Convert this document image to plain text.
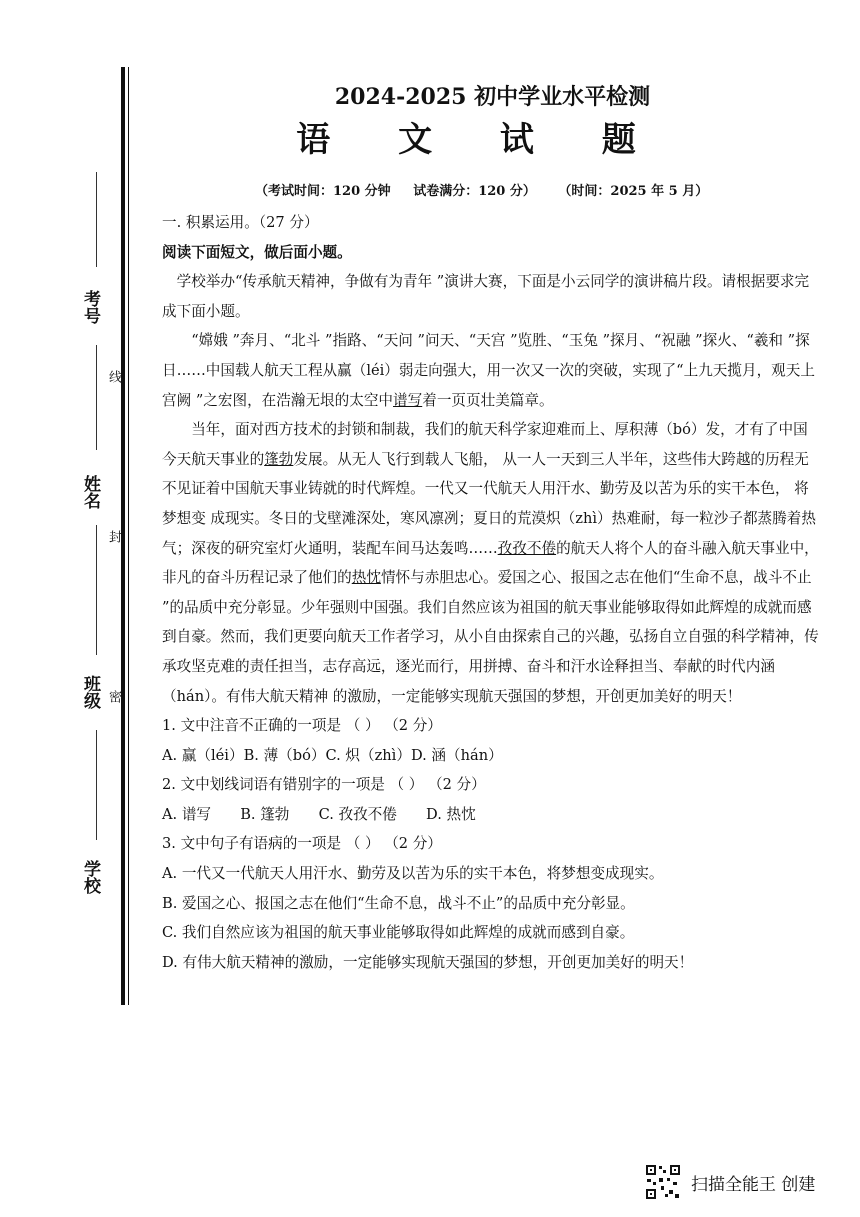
考号
线
姓名
封
班级 密
学校
2024-2025 初中学业水平检测
语 文 试 题
（考试时间：120 分钟 试卷满分：120 分） （时间：2025 年 5 月）

一. 积累运用。（27 分）

阅读下面短文，做后面小题。

学校举办“传承航天精神，争做有为青年 ”演讲大赛，下面是小云同学的演讲稿片段。请根据要求完成下面小题。

“嫦娥 ”奔月、“北斗 ”指路、“天问 ”问天、“天宫 ”览胜、“玉兔 ”探月、“祝融 ”探火、“羲和 ”探日……中国载人航天工程从赢（léi）弱走向强大，用一次又一次的突破，实现了“上九天揽月，观天上宫阙 ”之宏图，在浩瀚无垠的太空中谱写着一页页壮美篇章。

当年，面对西方技术的封锁和制裁，我们的航天科学家迎难而上、厚积薄（bó）发，才有了中国今天航天事业的篷勃发展。从无人飞行到载人飞船， 从一人一天到三人半年，这些伟大跨越的历程无不见证着中国航天事业铸就的时代辉煌。一代又一代航天人用汗水、勤劳及以苦为乐的实干本色， 将梦想变 成现实。冬日的戈壁滩深处，寒风凛冽；夏日的荒漠炽（zhì）热难耐，每一粒沙子都蒸腾着热气；深夜的研究室灯火通明，装配车间马达轰鸣……孜孜不倦的航天人将个人的奋斗融入航天事业中，非凡的奋斗历程记录了他们的热忱情怀与赤胆忠心。爱国之心、报国之志在他们“生命不息，战斗不止 ”的品质中充分彰显。少年强则中国强。我们自然应该为祖国的航天事业能够取得如此辉煌的成就而感到自豪。然而，我们更要向航天工作者学习，从小自由探索自己的兴趣，弘扬自立自强的科学精神，传承攻坚克难的责任担当，志存高远，逐光而行，用拼搏、奋斗和汗水诠释担当、奉献的时代内涵（hán）。有伟大航天精神 的激励，一定能够实现航天强国的梦想，开创更加美好的明天！

1. 文中注音不正确的一项是 （ ） （2 分）

A. 赢（léi）B. 薄（bó）C. 炽（zhì）D. 涵（hán）

2. 文中划线词语有错别字的一项是 （ ） （2 分）

A. 谱写　　B. 篷勃　　C. 孜孜不倦　　D. 热忱

3. 文中句子有语病的一项是 （ ） （2 分）

A. 一代又一代航天人用汗水、勤劳及以苦为乐的实干本色，将梦想变成现实。

B. 爱国之心、报国之志在他们“生命不息，战斗不止”的品质中充分彰显。

C. 我们自然应该为祖国的航天事业能够取得如此辉煌的成就而感到自豪。

D. 有伟大航天精神的激励，一定能够实现航天强国的梦想，开创更加美好的明天！

扫描全能王 创建
